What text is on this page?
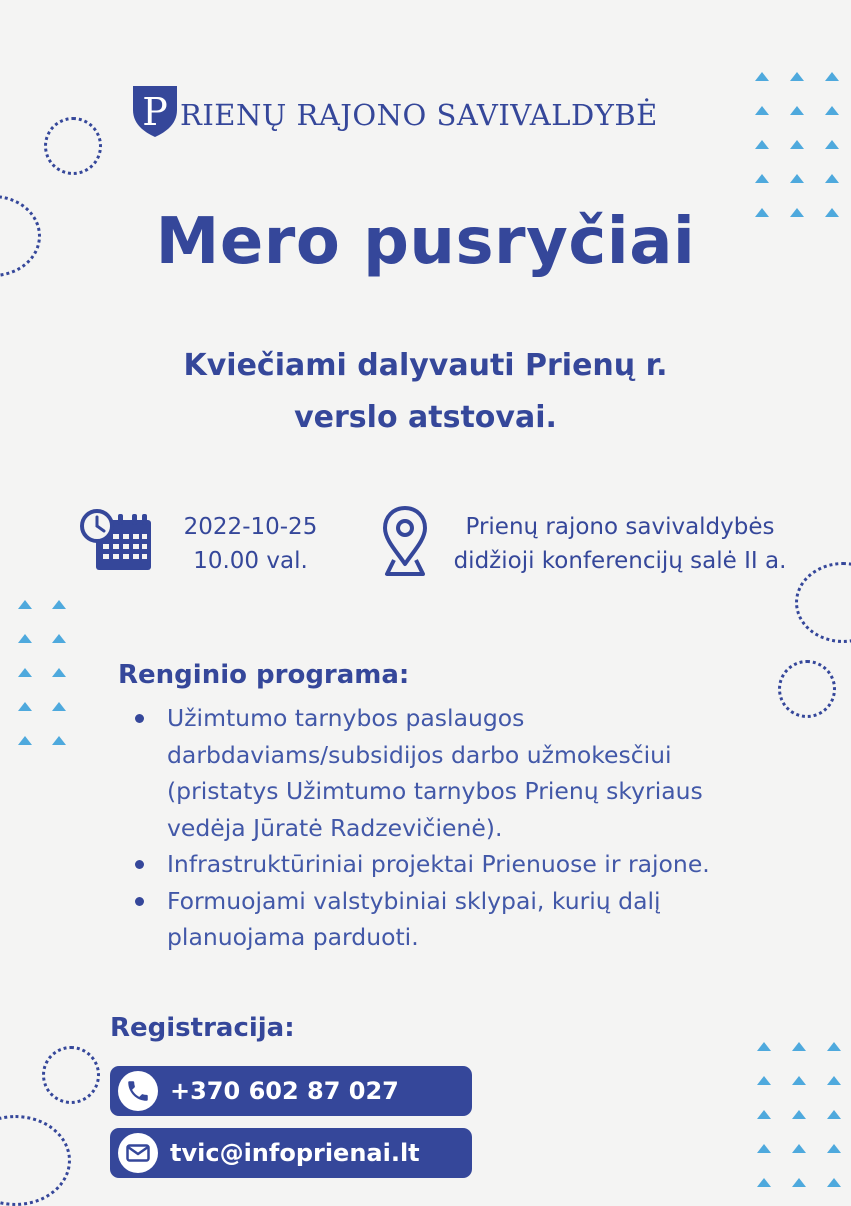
P RIENŲ RAJONO SAVIVALDYBĖ
Mero pusryčiai
Kviečiami dalyvauti Prienų r.
verslo atstovai.
2022-10-25
10.00 val.
Prienų rajono savivaldybės
didžioji konferencijų salė II a.
Renginio programa:
Užimtumo tarnybos paslaugos darbdaviams/subsidijos darbo užmokesčiui (pristatys Užimtumo tarnybos Prienų skyriaus vedėja Jūratė Radzevičienė).
Infrastruktūriniai projektai Prienuose ir rajone.
Formuojami valstybiniai sklypai, kurių dalį planuojama parduoti.
Registracija:
+370 602 87 027
tvic@infoprienai.lt
